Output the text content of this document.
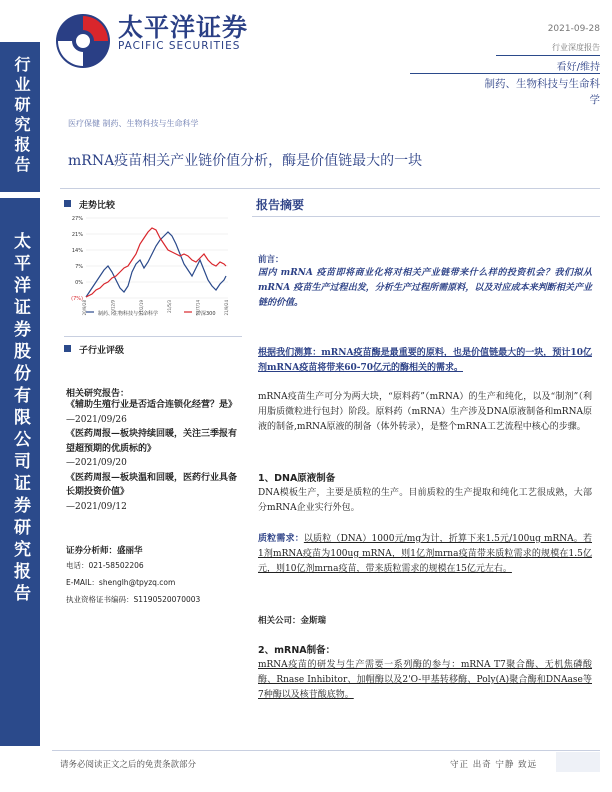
行业研究报告
太平洋证券股份有限公司证券研究报告
太平洋证券
PACIFIC SECURITIES
2021-09-28
行业深度报告
看好/维持
制药、生物科技与生命科
学
医疗保健 制药、生物科技与生命科学
mRNA疫苗相关产业链价值分析，酶是价值链最大的一块
走势比较
27%
21%
14%
7%
0%
(7%)
20/9/28	20/12/9	21/2/19	21/5/3	21/7/14	21/9/24
制药、生物科技与生命科学	沪深300
子行业评级
相关研究报告：
《辅助生殖行业是否适合连锁化经营？是》
—2021/09/26
《医药周报—板块持续回暖，关注三季报有望超预期的优质标的》
—2021/09/20
《医药周报—板块温和回暖，医药行业具备长期投资价值》
—2021/09/12
证券分析师：盛丽华
电话：021-58502206
E-MAIL：shenglh@tpyzq.com
执业资格证书编码：S1190520070003
报告摘要
前言：
国内 mRNA 疫苗即将商业化将对相关产业链带来什么样的投资机会？我们拟从 mRNA 疫苗生产过程出发，分析生产过程所需原料，以及对应成本来判断相关产业链的价值。
根据我们测算：mRNA疫苗酶是最重要的原料，也是价值链最大的一块，预计10亿剂mRNA疫苗将带来60-70亿元的酶相关的需求。
mRNA疫苗生产可分为两大块，“原料药”（mRNA）的生产和纯化，以及“制剂”（利用脂质微粒进行包封）阶段。原料药（mRNA）生产涉及DNA原液制备和mRNA原液的制备,mRNA原液的制备（体外转录），是整个mRNA工艺流程中核心的步骤。
1、DNA原液制备
DNA模板生产，主要是质粒的生产。目前质粒的生产提取和纯化工艺很成熟，大部分mRNA企业实行外包。
质粒需求：以质粒（DNA）1000元/mg为计，折算下来1.5元/100ug mRNA。若1剂mRNA疫苗为100ug mRNA，则1亿剂mrna疫苗带来质粒需求的规模在1.5亿元，则10亿剂mrna疫苗，带来质粒需求的规模在15亿元左右。
相关公司：金斯瑞
2、mRNA制备：
mRNA疫苗的研发与生产需要一系列酶的参与：mRNA T7聚合酶、无机焦磷酸酶、Rnase Inhibitor、加帽酶以及2'O-甲基转移酶、Poly(A)聚合酶和DNAase等7种酶以及核苷酸底物。
请务必阅读正文之后的免责条款部分	守正 出奇 宁静 致远
